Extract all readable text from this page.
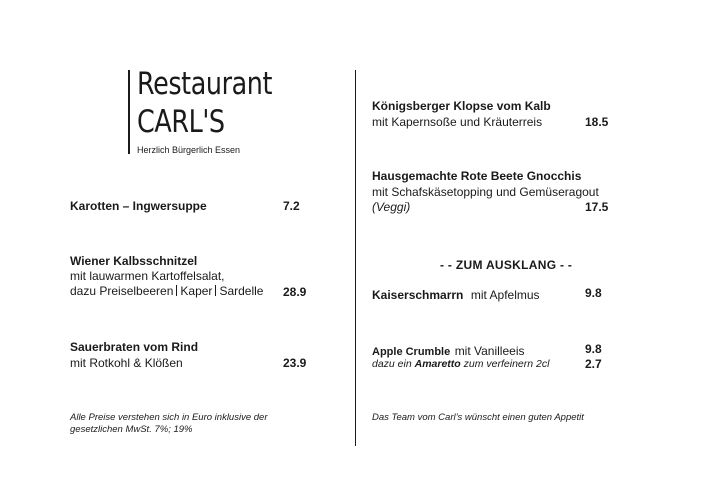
Restaurant
CARL'S
Herzlich Bürgerlich Essen
Karotten – Ingwersuppe	7.2
Wiener Kalbsschnitzel
mit lauwarmen Kartoffelsalat,
dazu Preiselbeeren Kaper Sardelle 28.9
Sauerbraten vom Rind
mit Rotkohl & Klößen	23.9
Alle Preise verstehen sich in Euro inklusive der
gesetzlichen MwSt. 7%; 19%
Königsberger Klopse vom Kalb
mit Kapernsoße und Kräuterreis	18.5
Hausgemachte Rote Beete Gnocchis
mit Schafskäsetopping und Gemüseragout
(Veggi)	17.5
- - ZUM AUSKLANG - -
Kaiserschmarrn mit Apfelmus	9.8
Apple Crumble mit Vanilleeis	9.8
dazu ein Amaretto zum verfeinern 2cl	2.7
Das Team vom Carl’s wünscht einen guten Appetit
